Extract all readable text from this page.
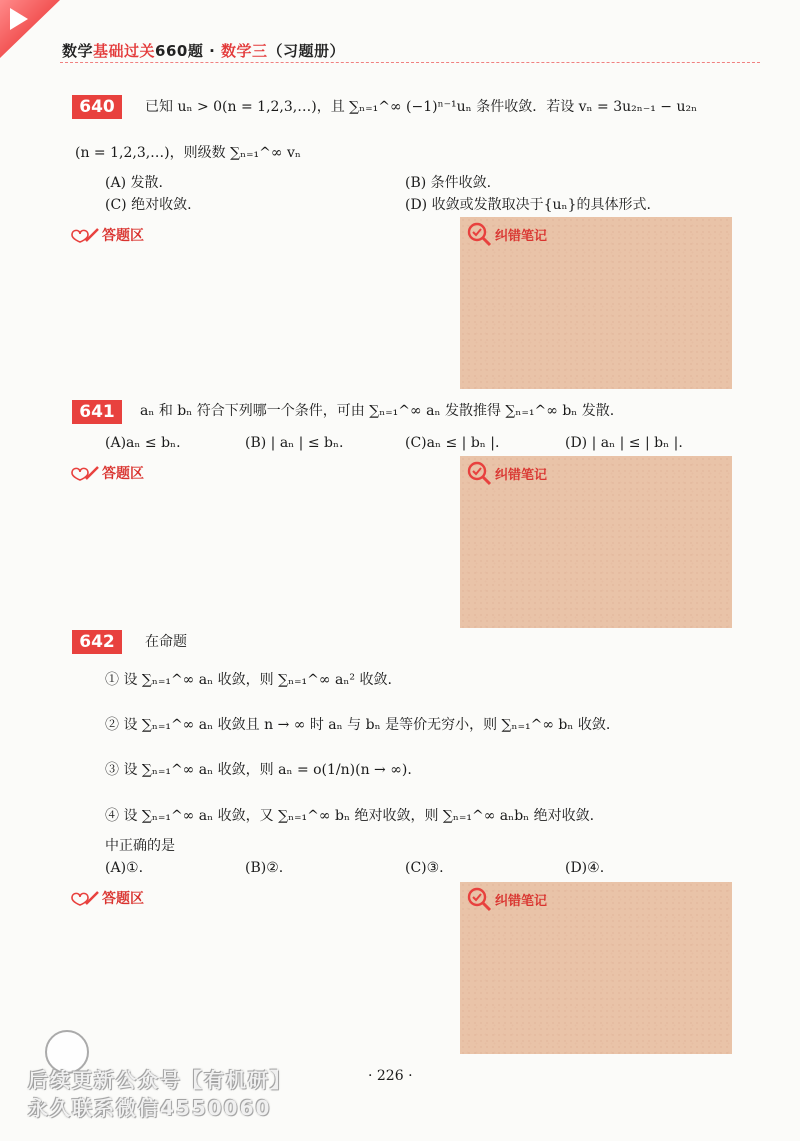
数学基础过关660题 · 数学三（习题册）
640	已知 uₙ > 0(n = 1,2,3,…)，且 ∑ₙ₌₁^∞ (−1)ⁿ⁻¹uₙ 条件收敛．若设 vₙ = 3u₂ₙ₋₁ − u₂ₙ
(n = 1,2,3,…)，则级数 ∑ₙ₌₁^∞ vₙ
(A) 发散.	(B) 条件收敛.
(C) 绝对收敛.	(D) 收敛或发散取决于{uₙ}的具体形式.
答题区	纠错笔记
641	aₙ 和 bₙ 符合下列哪一个条件，可由 ∑ₙ₌₁^∞ aₙ 发散推得 ∑ₙ₌₁^∞ bₙ 发散.
(A)aₙ ≤ bₙ.	(B) | aₙ | ≤ bₙ.	(C)aₙ ≤ | bₙ |.	(D) | aₙ | ≤ | bₙ |.
答题区	纠错笔记
642	在命题
① 设 ∑ₙ₌₁^∞ aₙ 收敛，则 ∑ₙ₌₁^∞ aₙ² 收敛.
② 设 ∑ₙ₌₁^∞ aₙ 收敛且 n → ∞ 时 aₙ 与 bₙ 是等价无穷小，则 ∑ₙ₌₁^∞ bₙ 收敛.
③ 设 ∑ₙ₌₁^∞ aₙ 收敛，则 aₙ = o(1/n)(n → ∞).
④ 设 ∑ₙ₌₁^∞ aₙ 收敛，又 ∑ₙ₌₁^∞ bₙ 绝对收敛，则 ∑ₙ₌₁^∞ aₙbₙ 绝对收敛.
中正确的是
(A)①.	(B)②.	(C)③.	(D)④.
答题区	纠错笔记
· 226 ·
后续更新公众号【有机研】
永久联系微信4550060
